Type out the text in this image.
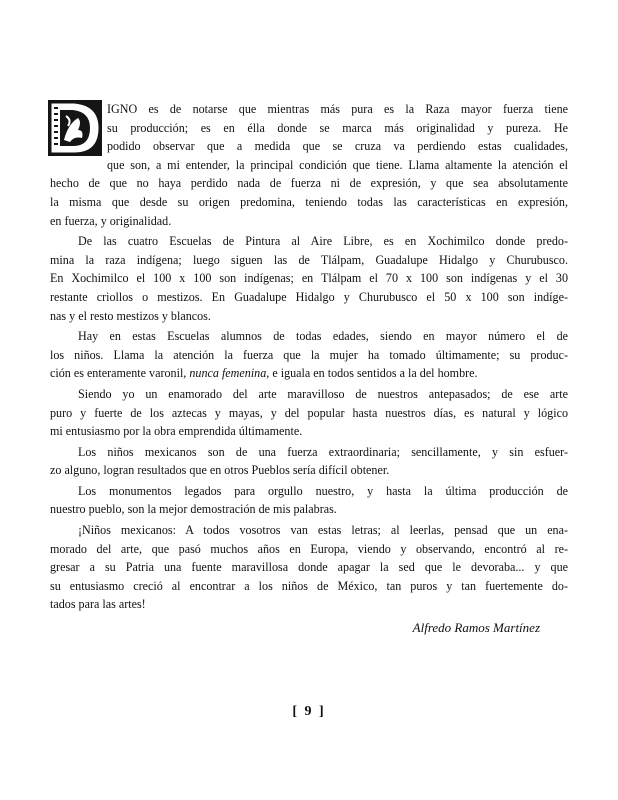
IGNO es de notarse que mientras más pura es la Raza mayor fuerza tiene
su producción; es en élla donde se marca más originalidad y pureza. He
podido observar que a medida que se cruza va perdiendo estas cualidades,
que son, a mi entender, la principal condición que tiene. Llama altamente la atención el
hecho de que no haya perdido nada de fuerza ni de expresión, y que sea absolutamente
la misma que desde su origen predomina, teniendo todas las características en expresión,
en fuerza, y originalidad.
De las cuatro Escuelas de Pintura al Aire Libre, es en Xochimilco donde predo-
mina la raza indígena; luego siguen las de Tlálpam, Guadalupe Hidalgo y Churubusco.
En Xochimilco el 100 x 100 son indígenas; en Tlálpam el 70 x 100 son indígenas y el 30
restante criollos o mestizos. En Guadalupe Hidalgo y Churubusco el 50 x 100 son indíge-
nas y el resto mestizos y blancos.
Hay en estas Escuelas alumnos de todas edades, siendo en mayor número el de
los niños. Llama la atención la fuerza que la mujer ha tomado últimamente; su produc-
ción es enteramente varonil, nunca femenina, e iguala en todos sentidos a la del hombre.
Siendo yo un enamorado del arte maravilloso de nuestros antepasados; de ese arte
puro y fuerte de los aztecas y mayas, y del popular hasta nuestros días, es natural y lógico
mi entusiasmo por la obra emprendida últimamente.
Los niños mexicanos son de una fuerza extraordinaria; sencillamente, y sin esfuer-
zo alguno, logran resultados que en otros Pueblos sería difícil obtener.
Los monumentos legados para orgullo nuestro, y hasta la última producción de
nuestro pueblo, son la mejor demostración de mis palabras.
¡Niños mexicanos: A todos vosotros van estas letras; al leerlas, pensad que un ena-
morado del arte, que pasó muchos años en Europa, viendo y observando, encontró al re-
gresar a su Patria una fuente maravillosa donde apagar la sed que le devoraba... y que
su entusiasmo creció al encontrar a los niños de México, tan puros y tan fuertemente do-
tados para las artes!
Alfredo Ramos Martínez
[ 9 ]
